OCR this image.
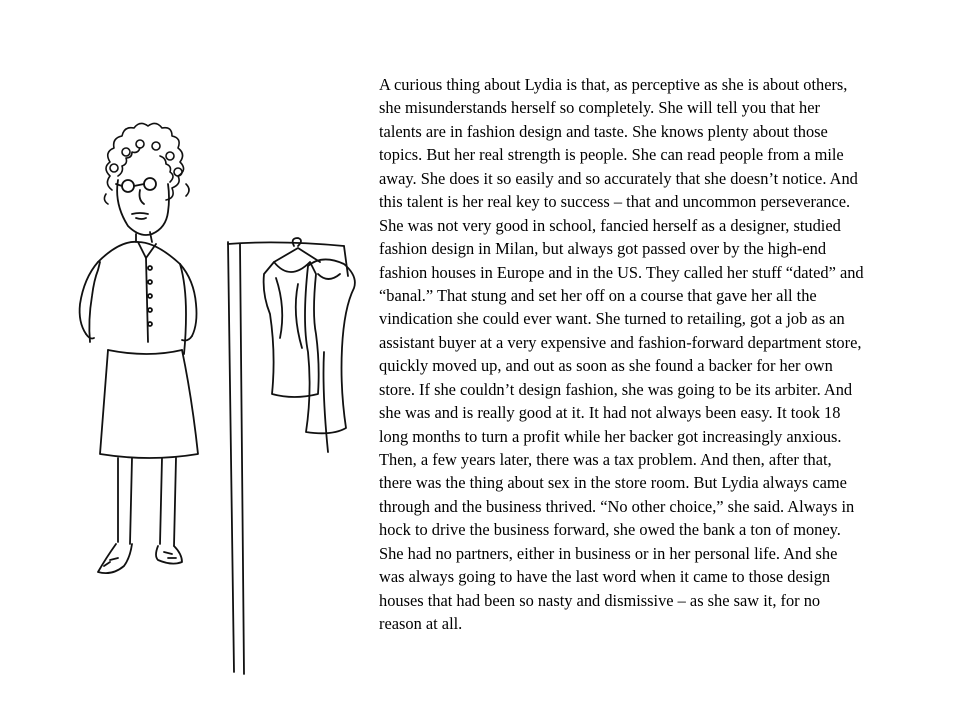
A curious thing about Lydia is that, as perceptive as she is about others,
she misunderstands herself so completely. She will tell you that her
talents are in fashion design and taste. She knows plenty about those
topics. But her real strength is people. She can read people from a mile
away. She does it so easily and so accurately that she doesn’t notice. And
this talent is her real key to success – that and uncommon perseverance.
She was not very good in school, fancied herself as a designer, studied
fashion design in Milan, but always got passed over by the high-end
fashion houses in Europe and in the US. They called her stuff “dated” and
“banal.” That stung and set her off on a course that gave her all the
vindication she could ever want. She turned to retailing, got a job as an
assistant buyer at a very expensive and fashion-forward department store,
quickly moved up, and out as soon as she found a backer for her own
store. If she couldn’t design fashion, she was going to be its arbiter. And
she was and is really good at it. It had not always been easy. It took 18
long months to turn a profit while her backer got increasingly anxious.
Then, a few years later, there was a tax problem. And then, after that,
there was the thing about sex in the store room. But Lydia always came
through and the business thrived. “No other choice,” she said. Always in
hock to drive the business forward, she owed the bank a ton of money.
She had no partners, either in business or in her personal life. And she
was always going to have the last word when it came to those design
houses that had been so nasty and dismissive – as she saw it, for no
reason at all.
